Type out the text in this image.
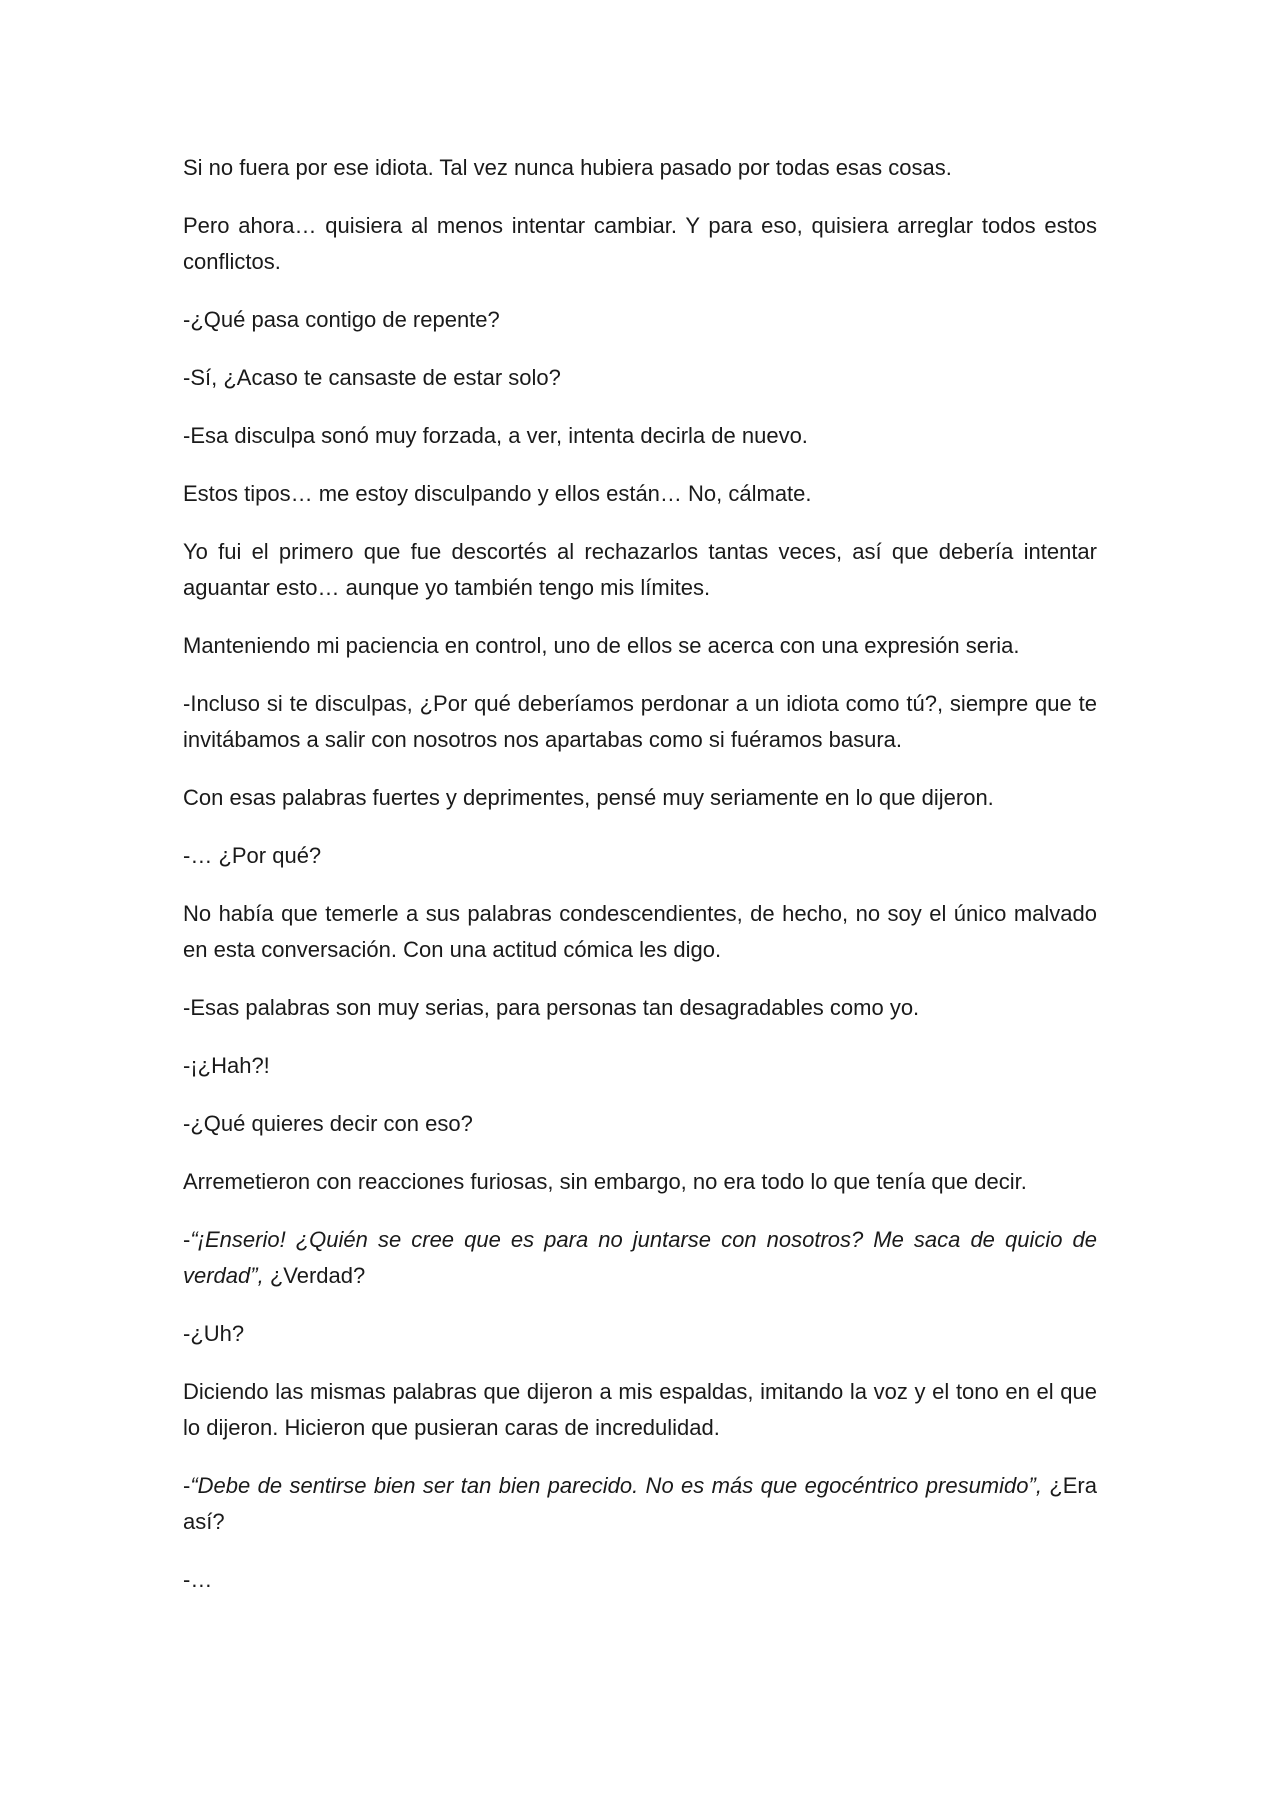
Si no fuera por ese idiota. Tal vez nunca hubiera pasado por todas esas cosas.

Pero ahora… quisiera al menos intentar cambiar. Y para eso, quisiera arreglar todos estos conflictos.

-¿Qué pasa contigo de repente?

-Sí, ¿Acaso te cansaste de estar solo?

-Esa disculpa sonó muy forzada, a ver, intenta decirla de nuevo.

Estos tipos… me estoy disculpando y ellos están… No, cálmate.

Yo fui el primero que fue descortés al rechazarlos tantas veces, así que debería intentar aguantar esto… aunque yo también tengo mis límites.

Manteniendo mi paciencia en control, uno de ellos se acerca con una expresión seria.

-Incluso si te disculpas, ¿Por qué deberíamos perdonar a un idiota como tú?, siempre que te invitábamos a salir con nosotros nos apartabas como si fuéramos basura.

Con esas palabras fuertes y deprimentes, pensé muy seriamente en lo que dijeron.

-… ¿Por qué?

No había que temerle a sus palabras condescendientes, de hecho, no soy el único malvado en esta conversación. Con una actitud cómica les digo.

-Esas palabras son muy serias, para personas tan desagradables como yo.

-¡¿Hah?!

-¿Qué quieres decir con eso?

Arremetieron con reacciones furiosas, sin embargo, no era todo lo que tenía que decir.

-“¡Enserio! ¿Quién se cree que es para no juntarse con nosotros? Me saca de quicio de verdad”, ¿Verdad?

-¿Uh?

Diciendo las mismas palabras que dijeron a mis espaldas, imitando la voz y el tono en el que lo dijeron. Hicieron que pusieran caras de incredulidad.

-“Debe de sentirse bien ser tan bien parecido. No es más que egocéntrico presumido”, ¿Era así?

-…
